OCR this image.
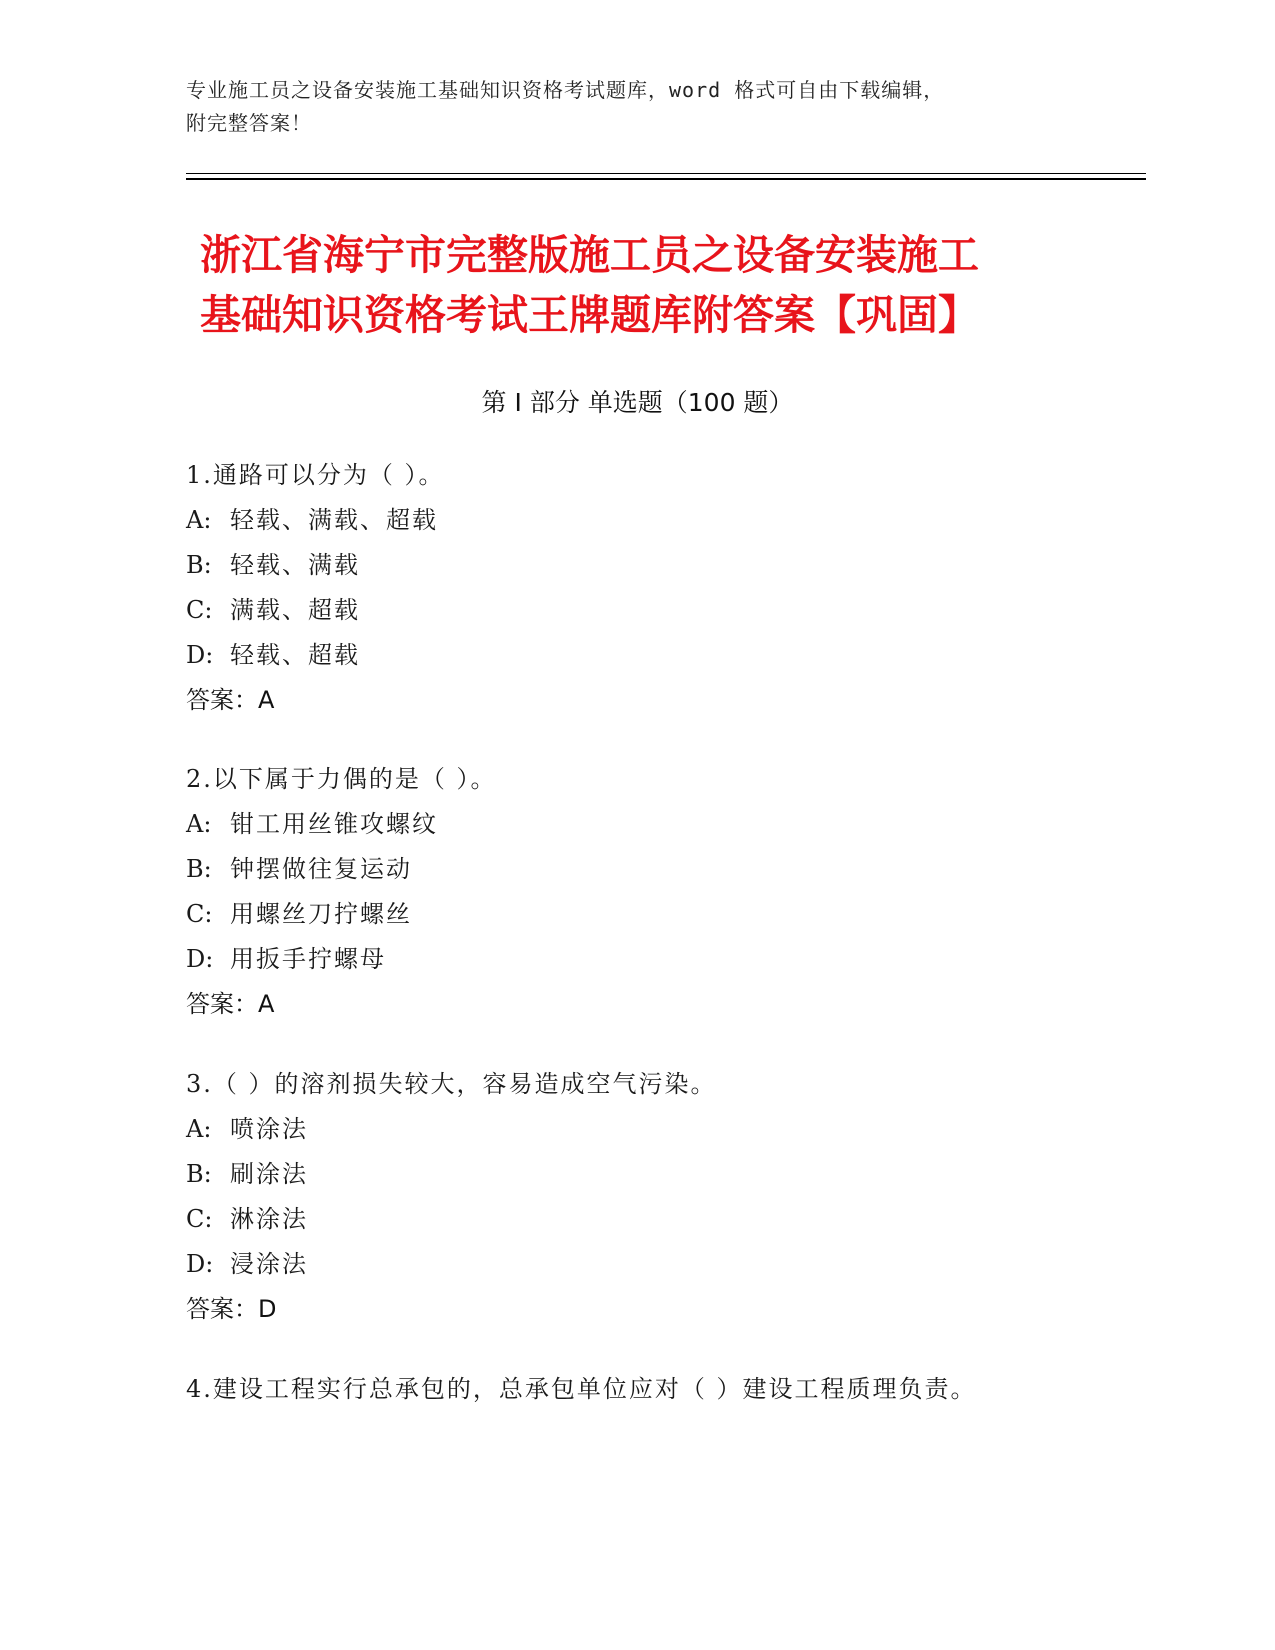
专业施工员之设备安装施工基础知识资格考试题库，word 格式可自由下载编辑，
附完整答案！
浙江省海宁市完整版施工员之设备安装施工
基础知识资格考试王牌题库附答案【巩固】
第 I 部分 单选题（100 题）
1.通路可以分为（ ）。
A: 轻载、满载、超载
B: 轻载、满载
C: 满载、超载
D: 轻载、超载
答案：A
2.以下属于力偶的是（ ）。
A: 钳工用丝锥攻螺纹
B: 钟摆做往复运动
C: 用螺丝刀拧螺丝
D: 用扳手拧螺母
答案：A
3.（ ）的溶剂损失较大，容易造成空气污染。
A: 喷涂法
B: 刷涂法
C: 淋涂法
D: 浸涂法
答案：D
4.建设工程实行总承包的，总承包单位应对（ ）建设工程质理负责。
